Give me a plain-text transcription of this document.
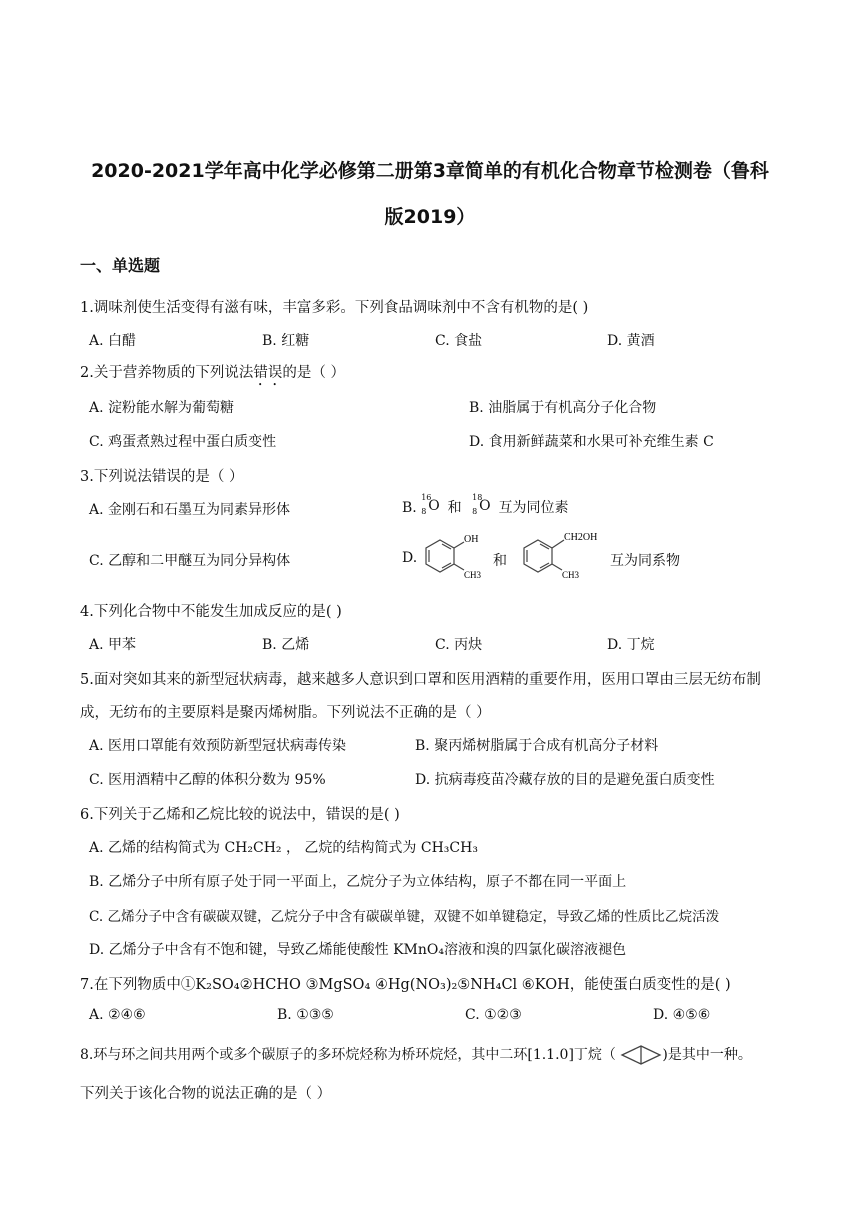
2020-2021学年高中化学必修第二册第3章简单的有机化合物章节检测卷（鲁科
版2019）
一、单选题
1.调味剂使生活变得有滋有味，丰富多彩。下列食品调味剂中不含有机物的是( )
A. 白醋	B. 红糖	C. 食盐	D. 黄酒
2.关于营养物质的下列说法错误的是（ ）
A. 淀粉能水解为葡萄糖	B. 油脂属于有机高分子化合物
C. 鸡蛋煮熟过程中蛋白质变性	D. 食用新鲜蔬菜和水果可补充维生素 C
3.下列说法错误的是（ ）
A. 金刚石和石墨互为同素异形体	B.
16
8 O 和
18
8 O 互为同位素
C. 乙醇和二甲醚互为同分异构体	D.
OH
CH3
和
CH2OH
CH3
互为同系物
4.下列化合物中不能发生加成反应的是( )
A. 甲苯	B. 乙烯	C. 丙炔	D. 丁烷
5.面对突如其来的新型冠状病毒，越来越多人意识到口罩和医用酒精的重要作用，医用口罩由三层无纺布制
成，无纺布的主要原料是聚丙烯树脂。下列说法不正确的是（ ）
A. 医用口罩能有效预防新型冠状病毒传染	B. 聚丙烯树脂属于合成有机高分子材料
C. 医用酒精中乙醇的体积分数为 95%	D. 抗病毒疫苗冷藏存放的目的是避免蛋白质变性
6.下列关于乙烯和乙烷比较的说法中，错误的是( )
A. 乙烯的结构简式为 CH₂CH₂ ， 乙烷的结构简式为 CH₃CH₃
B. 乙烯分子中所有原子处于同一平面上，乙烷分子为立体结构，原子不都在同一平面上
C. 乙烯分子中含有碳碳双键，乙烷分子中含有碳碳单键，双键不如单键稳定，导致乙烯的性质比乙烷活泼
D. 乙烯分子中含有不饱和键，导致乙烯能使酸性 KMnO₄溶液和溴的四氯化碳溶液褪色
7.在下列物质中①K₂SO₄②HCHO ③MgSO₄ ④Hg(NO₃)₂⑤NH₄Cl ⑥KOH，能使蛋白质变性的是( )
A. ②④⑥	B. ①③⑤	C. ①②③	D. ④⑤⑥
8.环与环之间共用两个或多个碳原子的多环烷烃称为桥环烷烃，其中二环[1.1.0]丁烷（	)是其中一种。
下列关于该化合物的说法正确的是（ ）
